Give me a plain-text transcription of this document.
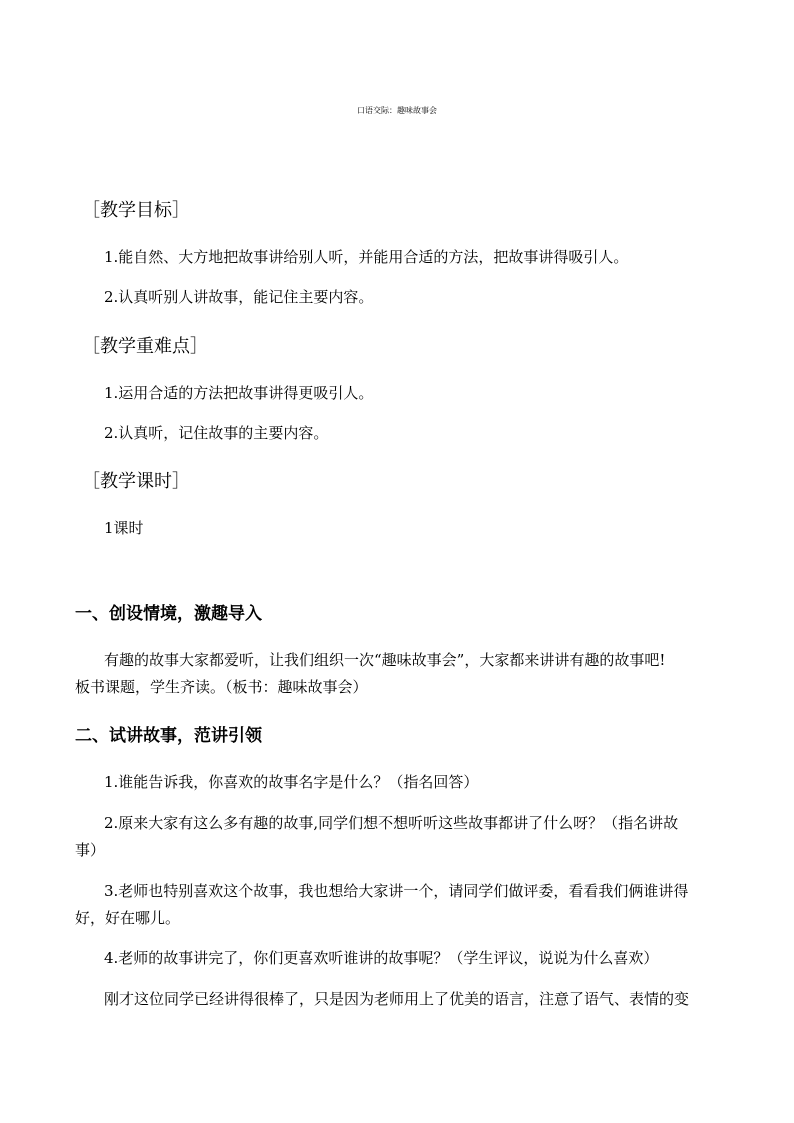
口语交际：趣味故事会

［教学目标］

1.能自然、大方地把故事讲给别人听，并能用合适的方法，把故事讲得吸引人。

2.认真听别人讲故事，能记住主要内容。

［教学重难点］

1.运用合适的方法把故事讲得更吸引人。

2.认真听，记住故事的主要内容。

［教学课时］

1课时

一、创设情境，激趣导入

有趣的故事大家都爱听，让我们组织一次“趣味故事会”，大家都来讲讲有趣的故事吧!

板书课题，学生齐读。（板书：趣味故事会）

二、试讲故事，范讲引领

1.谁能告诉我，你喜欢的故事名字是什么？（指名回答）

2.原来大家有这么多有趣的故事,同学们想不想听听这些故事都讲了什么呀？（指名讲故

事）

3.老师也特别喜欢这个故事，我也想给大家讲一个，请同学们做评委，看看我们俩谁讲得

好，好在哪儿。

4.老师的故事讲完了，你们更喜欢听谁讲的故事呢？（学生评议，说说为什么喜欢）

刚才这位同学已经讲得很棒了，只是因为老师用上了优美的语言，注意了语气、表情的变
